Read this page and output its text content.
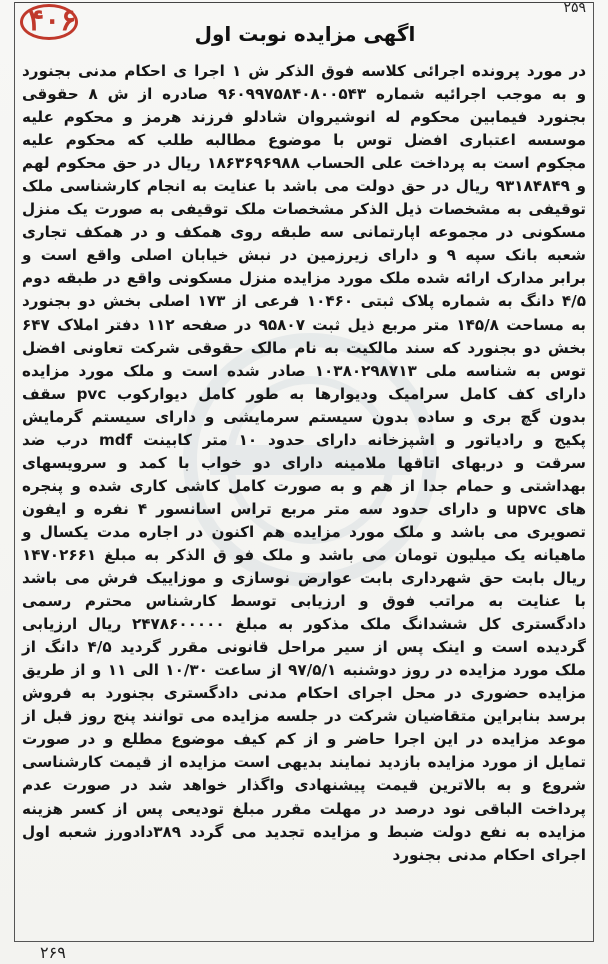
۲۵۹
۴۰۶	اگهی مزایده نوبت اول
در مورد پرونده اجرائی کلاسه فوق الذکر ش ۱ اجرا ی احکام مدنی بجنورد و به موجب اجرائیه شماره ۹۶۰۹۹۷۵۸۴۰۸۰۰۵۴۳ صادره از ش ۸ حقوقی بجنورد فیمابین محکوم له انوشیروان شادلو فرزند هرمز و محکوم علیه موسسه اعتباری افضل توس با موضوع مطالبه طلب که محکوم علیه مجکوم است به پرداخت علی الحساب ۱۸۶۳۶۹۶۹۸۸ ریال در حق محکوم لهم و ۹۳۱۸۴۸۴۹ ریال در حق دولت می باشد با عنایت به انجام کارشناسی ملک توقیفی به مشخصات ذیل الذکر مشخصات ملک توقیفی به صورت یک منزل مسکونی در مجموعه اپارتمانی سه طبقه روی همکف و در همکف تجاری شعبه بانک سپه ۹ و دارای زیرزمین در نبش خیابان اصلی واقع است و برابر مدارک ارائه شده ملک مورد مزایده منزل مسکونی واقع در طبقه دوم ۴/۵ دانگ به شماره پلاک ثبتی ۱۰۴۶۰ فرعی از ۱۷۳ اصلی بخش دو بجنورد به مساحت ۱۴۵/۸ متر مربع ذیل ثبت ۹۵۸۰۷ در صفحه ۱۱۲ دفتر املاک ۶۴۷ بخش دو بجنورد که سند مالکیت به نام مالک حقوقی شرکت تعاونی افضل توس به شناسه ملی ۱۰۳۸۰۲۹۸۷۱۳ صادر شده است و ملک مورد مزایده دارای کف کامل سرامیک ودیوارها به طور کامل دیوارکوب pvc سقف بدون گچ بری و ساده بدون سیستم سرمایشی و دارای سیستم گرمایش پکیج و رادیاتور و اشپزخانه دارای حدود ۱۰ متر کابینت mdf درب ضد سرقت و دربهای اتاقها ملامینه دارای دو خواب با کمد و سرویسهای بهداشتی و حمام جدا از هم و به صورت کامل کاشی کاری شده و پنجره های upvc و دارای حدود سه متر مربع تراس اسانسور ۴ نفره و ایفون تصویری می باشد و ملک مورد مزایده هم اکنون در اجاره مدت یکسال و ماهیانه یک میلیون تومان می باشد و ملک فو ق الذکر به مبلغ ۱۴۷۰۲۶۶۱ ریال بابت حق شهرداری بابت عوارض نوسازی و موزاییک فرش می باشد با عنایت به مراتب فوق و ارزیابی توسط کارشناس محترم رسمی دادگستری کل ششدانگ ملک مذکور به مبلغ ۲۴۷۸۶۰۰۰۰۰ ریال ارزیابی گردیده است و اینک پس از سیر مراحل قانونی مقرر گردید ۴/۵ دانگ از ملک مورد مزایده در روز دوشنبه ۹۷/۵/۱ از ساعت ۱۰/۳۰ الی ۱۱ و از طریق مزایده حضوری در محل اجرای احکام مدنی دادگستری بجنورد به فروش برسد بنابراین متقاضیان شرکت در جلسه مزایده می توانند پنج روز قبل از موعد مزایده در این اجرا حاضر و از کم کیف موضوع مطلع و در صورت تمایل از مورد مزایده بازدید نمایند بدیهی است مزایده از قیمت کارشناسی شروع و به بالاترین قیمت پیشنهادی واگذار خواهد شد در صورت عدم پرداخت الباقی نود درصد در مهلت مقرر مبلغ تودیعی پس از کسر هزینه مزایده به نفع دولت ضبط و مزایده تجدید می گردد ۳۸۹دادورز شعبه اول اجرای احکام مدنی بجنورد
۲۶۹
